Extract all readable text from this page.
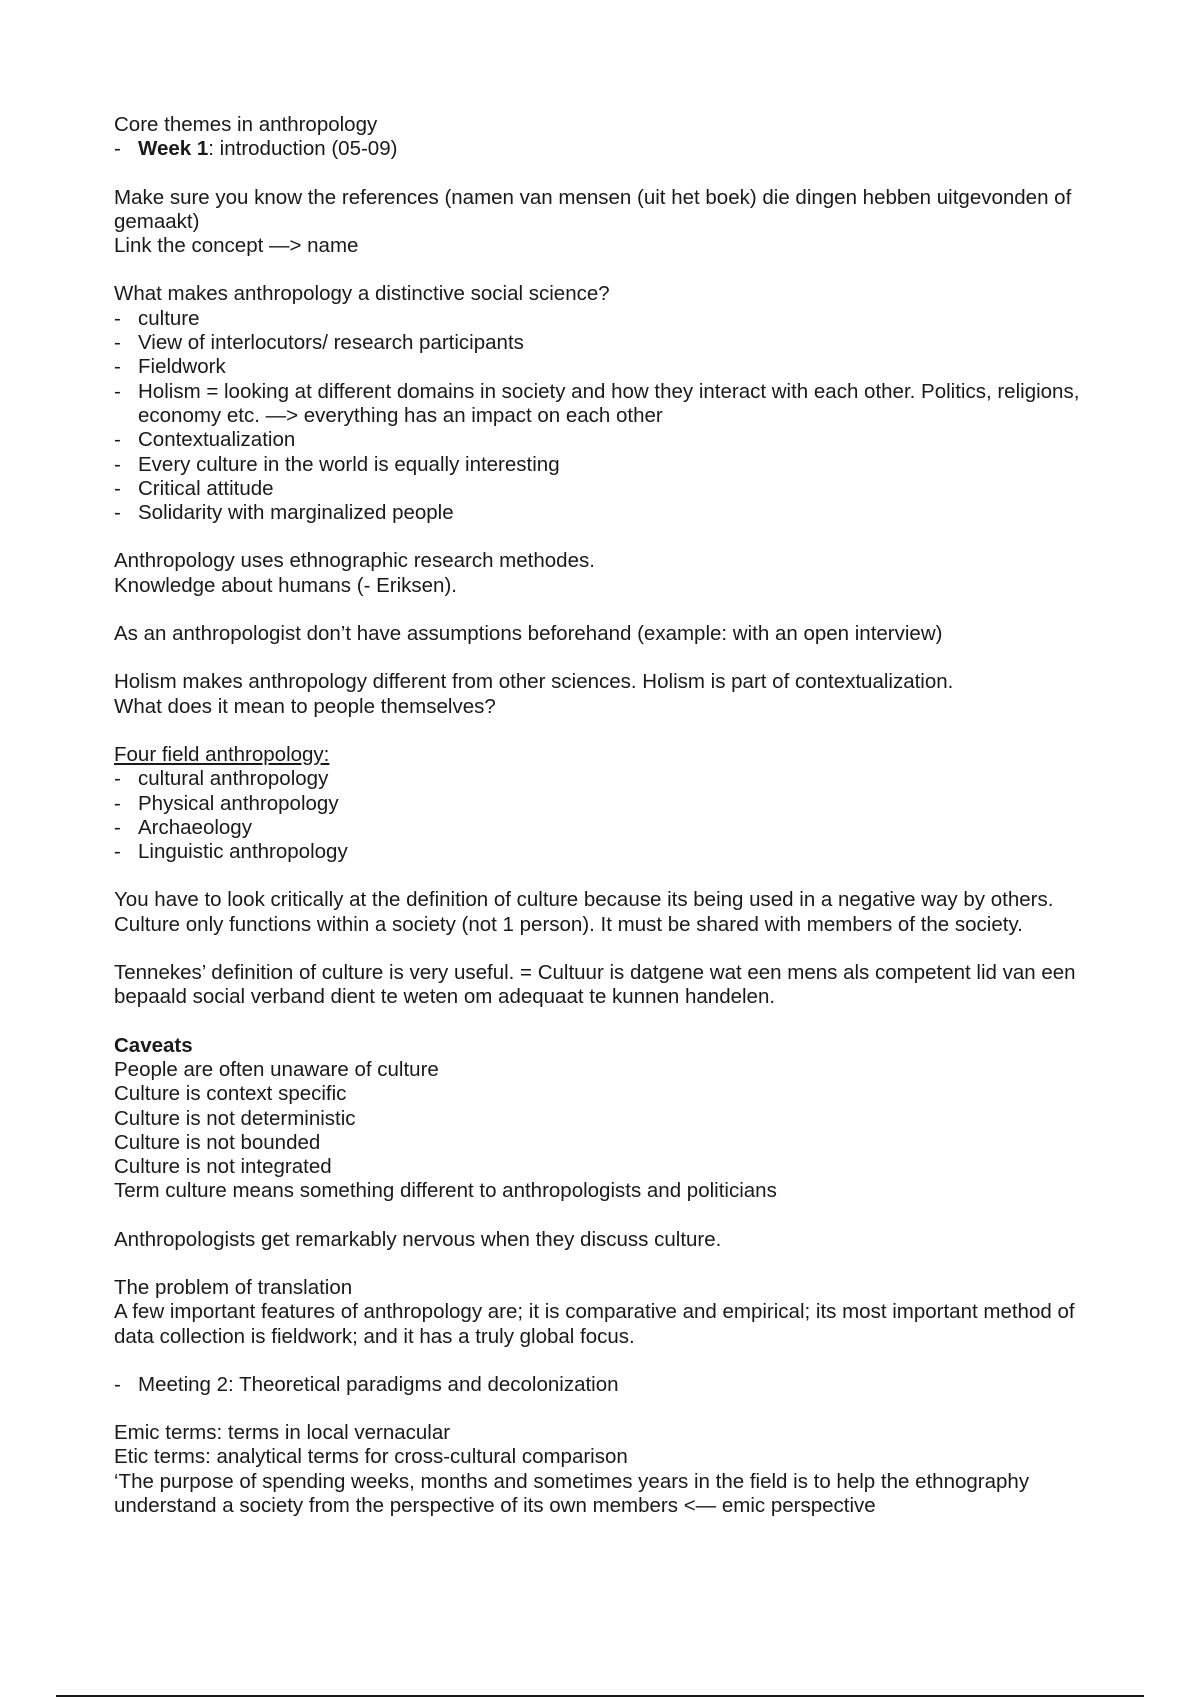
Core themes in anthropology

- Week 1: introduction (05-09)

Make sure you know the references (namen van mensen (uit het boek) die dingen hebben uitgevonden of gemaakt)

Link the concept —> name

What makes anthropology a distinctive social science?

- culture
- View of interlocutors/ research participants
- Fieldwork
- Holism = looking at different domains in society and how they interact with each other. Politics, religions, economy etc. —> everything has an impact on each other
- Contextualization
- Every culture in the world is equally interesting
- Critical attitude
- Solidarity with marginalized people

Anthropology uses ethnographic research methodes.

Knowledge about humans (- Eriksen).

As an anthropologist don’t have assumptions beforehand (example: with an open interview)

Holism makes anthropology different from other sciences. Holism is part of contextualization.

What does it mean to people themselves?

Four field anthropology:

- cultural anthropology
- Physical anthropology
- Archaeology
- Linguistic anthropology

You have to look critically at the definition of culture because its being used in a negative way by others. Culture only functions within a society (not 1 person). It must be shared with members of the society.

Tennekes’ definition of culture is very useful. = Cultuur is datgene wat een mens als competent lid van een bepaald social verband dient te weten om adequaat te kunnen handelen.

Caveats

People are often unaware of culture

Culture is context specific

Culture is not deterministic

Culture is not bounded

Culture is not integrated

Term culture means something different to anthropologists and politicians

Anthropologists get remarkably nervous when they discuss culture.

The problem of translation

A few important features of anthropology are; it is comparative and empirical; its most important method of data collection is fieldwork; and it has a truly global focus.

- Meeting 2: Theoretical paradigms and decolonization

Emic terms: terms in local vernacular

Etic terms: analytical terms for cross-cultural comparison

‘The purpose of spending weeks, months and sometimes years in the field is to help the ethnography understand a society from the perspective of its own members <— emic perspective
